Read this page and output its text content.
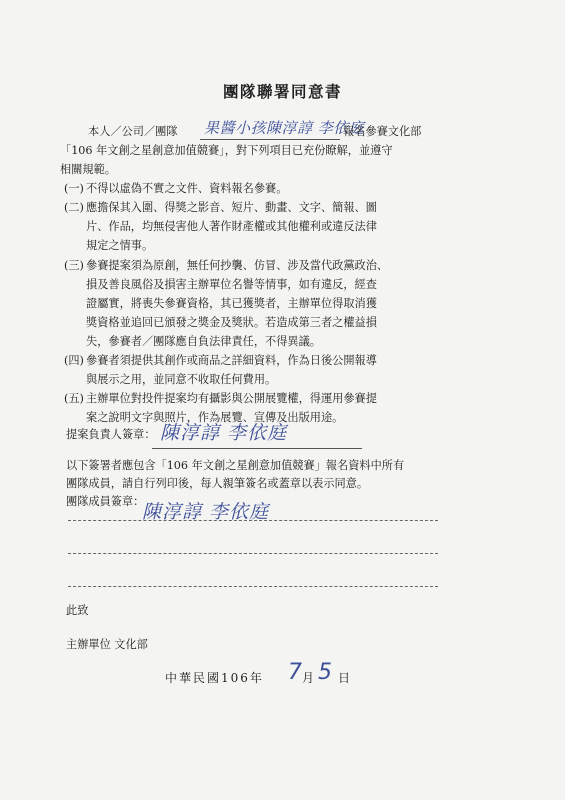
團隊聯署同意書
本人／公司／團隊 果醬小孩陳淳諄 李依庭
報名參賽文化部
「106 年文創之星創意加值競賽」，對下列項目已充份瞭解，並遵守
相關規範。
(一) 不得以虛偽不實之文件、資料報名參賽。
(二) 應擔保其入圍、得獎之影音、短片、動畫、文字、簡報、圖
片、作品，均無侵害他人著作財產權或其他權利或違反法律
規定之情事。
(三) 參賽提案須為原創，無任何抄襲、仿冒、涉及當代政黨政治、
損及善良風俗及損害主辦單位名譽等情事，如有違反，經查
證屬實，將喪失參賽資格，其已獲獎者，主辦單位得取消獲
獎資格並追回已頒發之獎金及獎狀。若造成第三者之權益損
失，參賽者／團隊應自負法律責任，不得異議。
(四) 參賽者須提供其創作或商品之詳細資料，作為日後公開報導
與展示之用，並同意不收取任何費用。
(五) 主辦單位對投件提案均有攝影與公開展覽權，得運用參賽提
案之說明文字與照片，作為展覽、宣傳及出版用途。
提案負責人簽章： 陳淳諄 李依庭
以下簽署者應包含「106 年文創之星創意加值競賽」報名資料中所有
團隊成員，請自行列印後，每人親筆簽名或蓋章以表示同意。
團隊成員簽章：
陳淳諄 李依庭
此致
主辦單位 文化部
中華民國106年 7 月 5 日
